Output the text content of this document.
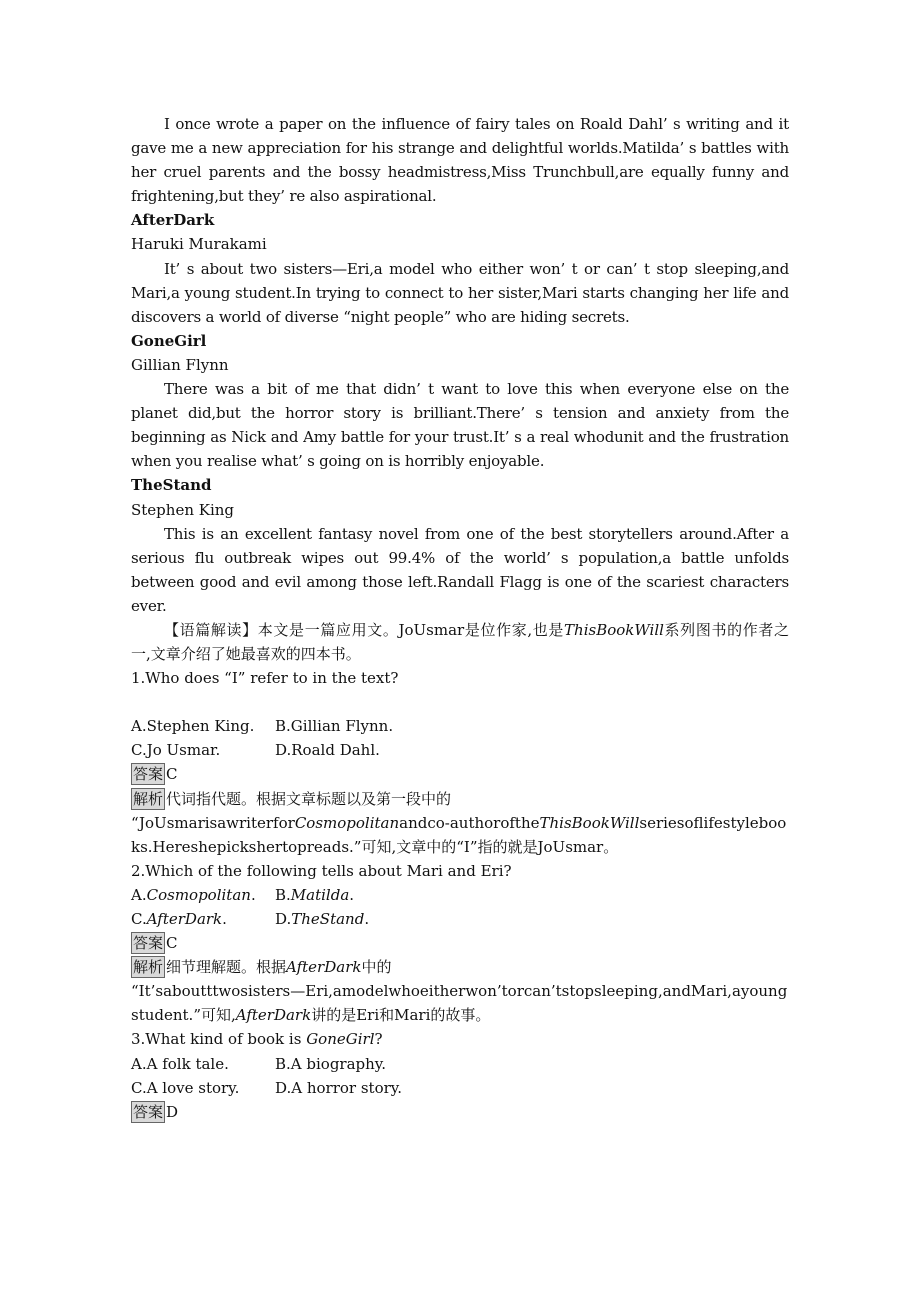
I once wrote a paper on the influence of fairy tales on Roald Dahl’ s writing and it gave me a new appreciation for his strange and delightful worlds.Matilda’ s battles with her cruel parents and the bossy headmistress,Miss Trunchbull,are equally funny and frightening,but they’ re also aspirational.
AfterDark
Haruki Murakami
It’ s about two sisters—Eri,a model who either won’ t or can’ t stop sleeping,and Mari,a young student.In trying to connect to her sister,Mari starts changing her life and discovers a world of diverse “night people” who are hiding secrets.
GoneGirl
Gillian Flynn
There was a bit of me that didn’ t want to love this when everyone else on the planet did,but the horror story is brilliant.There’ s tension and anxiety from the beginning as Nick and Amy battle for your trust.It’ s a real whodunit and the frustration when you realise what’ s going on is horribly enjoyable.
TheStand
Stephen King
This is an excellent fantasy novel from one of the best storytellers around.After a serious flu outbreak wipes out 99.4% of the world’ s population,a battle unfolds between good and evil among those left.Randall Flagg is one of the scariest characters ever.
【语篇解读】本文是一篇应用文。JoUsmar是位作家,也是ThisBookWill系列图书的作者之一,文章介绍了她最喜欢的四本书。
1.Who does “I” refer to in the text?
A.Stephen King. B.Gillian Flynn.
C.Jo Usmar.	D.Roald Dahl.
答案 C
解析 代词指代题。根据文章标题以及第一段中的
“JoUsmarisawriterforCosmopolitanandco-authoroftheThisBookWillseriesoflifestylebooks.Hereshepickshertopreads.”可知,文章中的“I”指的就是JoUsmar。
2.Which of the following tells about Mari and Eri?
A.Cosmopolitan. B.Matilda.
C.AfterDark.	D.TheStand.
答案 C
解析 细节理解题。根据AfterDark中的
“It’saboutttwosisters—Eri,amodelwhoeitherwon’torcan’tstopsleeping,andMari,ayoungstudent.”可知,AfterDark讲的是Eri和Mari的故事。
3.What kind of book is GoneGirl?
A.A folk tale.	B.A biography.
C.A love story. D.A horror story.
答案 D
